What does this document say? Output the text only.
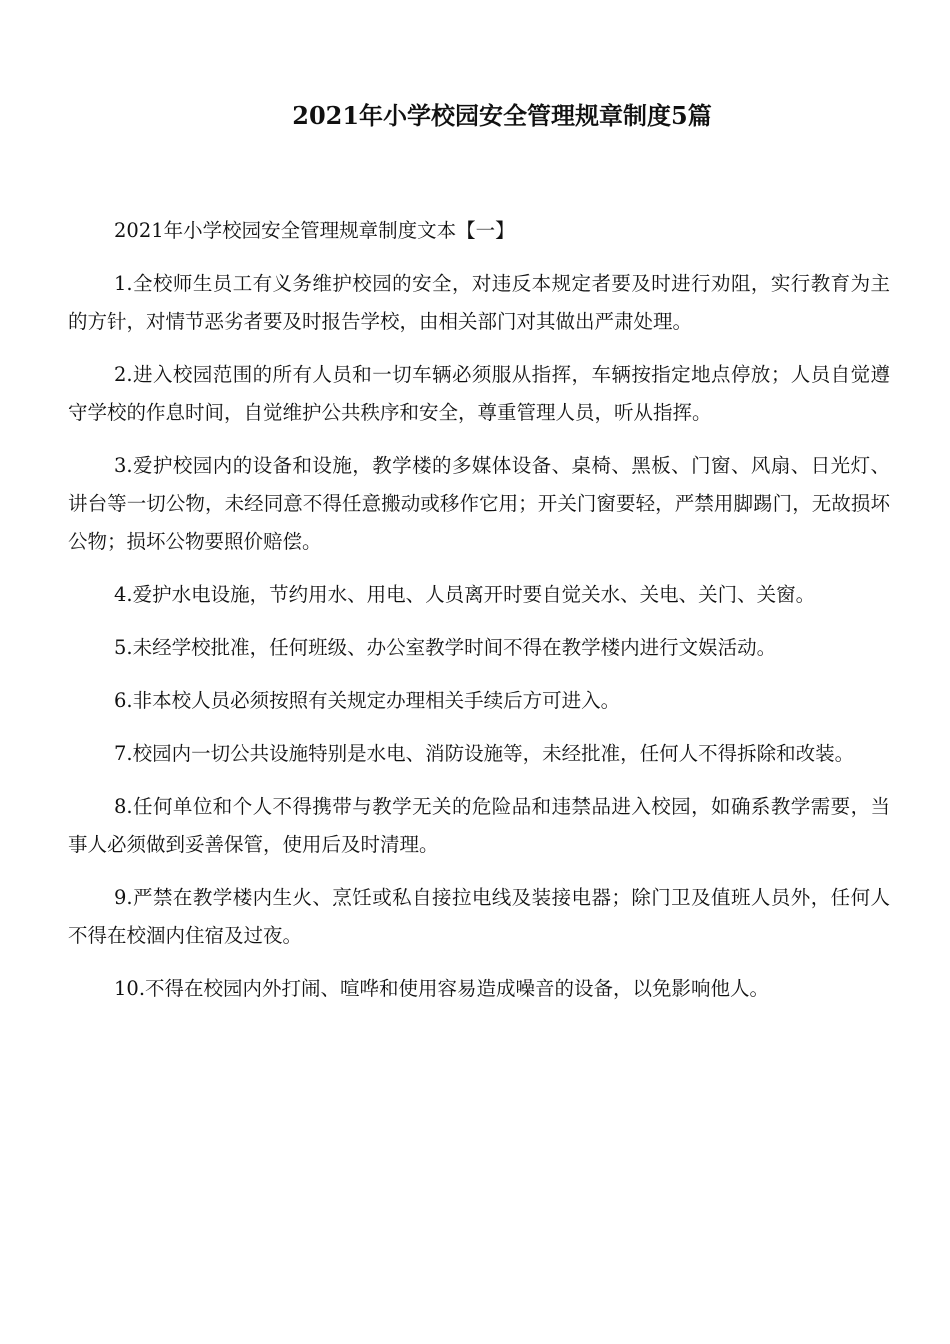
2021年小学校园安全管理规章制度5篇

2021年小学校园安全管理规章制度文本【一】

1.全校师生员工有义务维护校园的安全，对违反本规定者要及时进行劝阻，实行教育为主的方针，对情节恶劣者要及时报告学校，由相关部门对其做出严肃处理。

2.进入校园范围的所有人员和一切车辆必须服从指挥，车辆按指定地点停放；人员自觉遵守学校的作息时间，自觉维护公共秩序和安全，尊重管理人员，听从指挥。

3.爱护校园内的设备和设施，教学楼的多媒体设备、桌椅、黑板、门窗、风扇、日光灯、讲台等一切公物，未经同意不得任意搬动或移作它用；开关门窗要轻，严禁用脚踢门，无故损坏公物；损坏公物要照价赔偿。

4.爱护水电设施，节约用水、用电、人员离开时要自觉关水、关电、关门、关窗。

5.未经学校批准，任何班级、办公室教学时间不得在教学楼内进行文娱活动。

6.非本校人员必须按照有关规定办理相关手续后方可进入。

7.校园内一切公共设施特别是水电、消防设施等，未经批准，任何人不得拆除和改装。

8.任何单位和个人不得携带与教学无关的危险品和违禁品进入校园，如确系教学需要，当事人必须做到妥善保管，使用后及时清理。

9.严禁在教学楼内生火、烹饪或私自接拉电线及装接电器；除门卫及值班人员外，任何人不得在校涸内住宿及过夜。

10.不得在校园内外打闹、喧哗和使用容易造成噪音的设备，以免影响他人。
